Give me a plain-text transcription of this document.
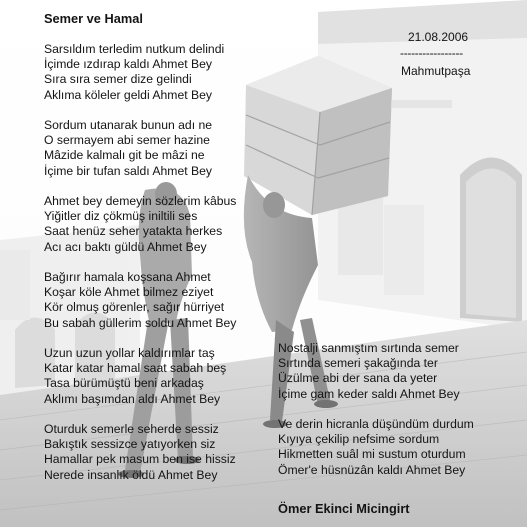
Semer ve Hamal
Sarsıldım terledim nutkum delindi
İçimde ızdırap kaldı Ahmet Bey
Sıra sıra semer dize gelindi
Aklıma köleler geldi Ahmet Bey
Sordum utanarak bunun adı ne
O sermayem abi semer hazine
Mâzide kalmalı git be mâzi ne
İçime bir tufan saldı Ahmet Bey
Ahmet bey demeyin sözlerim kâbus
Yiğitler diz çökmüş iniltili ses
Saat henüz seher yatakta herkes
Acı acı baktı güldü Ahmet Bey
Bağırır hamala koşsana Ahmet
Koşar köle Ahmet bilmez eziyet
Kör olmuş görenler, sağır hürriyet
Bu sabah güllerim soldu Ahmet Bey
Uzun uzun yollar kaldırımlar taş
Katar katar hamal saat sabah beş
Tasa bürümüştü beni arkadaş
Aklımı başımdan aldı Ahmet Bey
Oturduk semerle seherde sessiz
Bakıştık sessizce yatıyorken siz
Hamallar pek masum ben ise hissiz
Nerede insanlık öldü Ahmet Bey
21.08.2006
-----------------
Mahmutpaşa
Nostalji sanmıştım sırtında semer
Sırtında semeri şakağında ter
Üzülme abi der sana da yeter
İçime gam keder saldı Ahmet Bey
Ve derin hicranla düşündüm durdum
Kıyıya çekilip nefsime sordum
Hikmetten suâl mi sustum oturdum
Ömer'e hüsnüzân kaldı Ahmet Bey
Ömer Ekinci Micingirt
